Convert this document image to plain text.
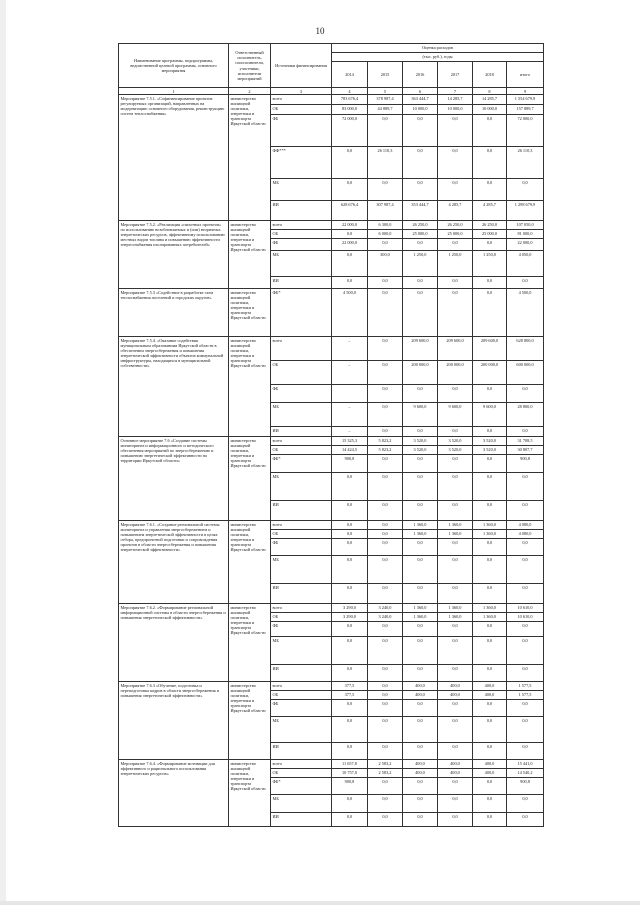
10
Наименование программы, подпрограммы, ведомственной целевой программы, основного мероприятия	Ответственный исполнитель, соисполнители, участники, исполнители мероприятий	Источники финансирования	Оценка расходов					
			(тыс. руб.), годы					
			2014	2015	2016	2017	2018	итого
1	2	3	4	5	6	7	8	9
Мероприятие 7.5.1. «Софинансирование проектов регулируемых организаций, направленных на модернизацию основного оборудования, реконструкцию систем теплоснабжения»	министерство жилищной политики, энергетики и транспорта Иркутской области	всего	783 676,4	378 987,4	363 444,7	14 285,7	14 285,7	1 554 679,9
		ОБ	83 000,0	44 889,7	10 000,0	10 000,0	10 000,0	157 889,7
		ФБ	72 000,0	0,0	0,0	0,0	0,0	72 000,0
		ФФ***	0,0	26 110,3	0,0	0,0	0,0	26 110,3
		МБ	0,0	0,0	0,0	0,0	0,0	0,0
		ИИ	628 676,4	307 987,4	353 444,7	4 285,7	4 285,7	1 298 679,9
Мероприятие 7.5.2. «Реализация «пилотных проектов» по использованию возобновляемых и (или) вторичных энергетических ресурсов, эффективному использованию местных видов топлива и повышению эффективности энергоснабжения изолированных потребителей»	министерство жилищной политики, энергетики и транспорта Иркутской области	всего	22 000,0	6 300,0	26 250,0	26 250,0	26 250,0	107 050,0
		ОБ	0,0	6 000,0	25 000,0	25 000,0	25 000,0	81 000,0
		ФБ	22 000,0	0,0	0,0	0,0	0,0	22 000,0
		МБ	0,0	300,0	1 250,0	1 250,0	1 250,0	4 050,0
		ИИ	0,0	0,0	0,0	0,0	0,0	0,0
Мероприятие 7.5.3 «Содействие в разработке схем теплоснабжения поселений и городских округов»	министерство жилищной политики, энергетики и транспорта Иркутской области	ФБ*	4 500,0	0,0	0,0	0,0	0,0	4 500,0
Мероприятие 7.5.4. «Оказание содействия муниципальным образованиям Иркутской области в обеспечении энергосбережения и повышения энергетической эффективности объектов коммунальной инфраструктуры, находящихся в муниципальной собственности»	министерство жилищной политики, энергетики и транспорта Иркутской области	всего	–	0,0	209 600,0	209 600,0	209 600,0	628 800,0
		ОБ	–	0,0	200 000,0	200 000,0	200 000,0	600 000,0
		ФБ		0,0	0,0	0,0	0,0	0,0
		МБ	–	0,0	9 600,0	9 600,0	9 600,0	28 800,0
		ИИ	–	0,0	0,0	0,0	0,0	0,0
Основное мероприятие 7.6 «Создание системы мониторинга и информационного и методического обеспечения мероприятий по энергосбережению и повышению энергетической эффективности на территории Иркутской области»	министерство жилищной политики, энергетики и транспорта Иркутской области	всего	15 325,3	5 823,2	3 520,0	3 520,0	3 520,0	31 708,5
		ОБ	14 424,5	5 823,2	3 520,0	3 520,0	3 520,0	30 807,7
		ФБ*	900,8	0,0	0,0	0,0	0,0	900,8
		МБ	0,0	0,0	0,0	0,0	0,0	0,0
		ИИ	0,0	0,0	0,0	0,0	0,0	0,0
Мероприятие 7.6.1. «Создание региональной системы мониторинга и управления энергосбережением и повышением энергетической эффективности в целях отбора, предпроектной подготовки и сопровождения проектов в области энергосбережения и повышения энергетической эффективности»	министерство жилищной политики, энергетики и транспорта Иркутской области	всего	0,0	0,0	1 360,0	1 360,0	1 360,0	4 080,0
		ОБ	0,0	0,0	1 360,0	1 360,0	1 360,0	4 080,0
		ФБ	0,0	0,0	0,0	0,0	0,0	0,0
		МБ	0,0	0,0	0,0	0,0	0,0	0,0
		ИИ	0,0	0,0	0,0	0,0	0,0	0,0
Мероприятие 7.6.2. «Формирование региональной информационной системы в области энергосбережения и повышения энергетической эффективности»	министерство жилищной политики, энергетики и транспорта Иркутской области	всего	3 290,0	3 240,0	1 360,0	1 360,0	1 360,0	10 610,0
		ОБ	3 290,0	3 240,0	1 360,0	1 360,0	1 360,0	10 610,0
		ФБ	0,0	0,0	0,0	0,0	0,0	0,0
		МБ	0,0	0,0	0,0	0,0	0,0	0,0
		ИИ	0,0	0,0	0,0	0,0	0,0	0,0
Мероприятие 7.6.3 «Обучение, подготовка и переподготовка кадров в области энергосбережения и повышения энергетической эффективности»	министерство жилищной политики, энергетики и транспорта Иркутской области	всего	377,5	0,0	400,0	400,0	400,0	1 577,5
		ОБ	377,5	0,0	400,0	400,0	400,0	1 577,5
		ФБ	0,0	0,0	0,0	0,0	0,0	0,0
		МБ	0,0	0,0	0,0	0,0	0,0	0,0
		ИИ	0,0	0,0	0,0	0,0	0,0	0,0
Мероприятие 7.6.4. «Формирование мотивации для эффективного и рационального использования энергетических ресурсов»	министерство жилищной политики, энергетики и транспорта Иркутской области	всего	11 657,8	2 583,2	400,0	400,0	400,0	15 441,0
		ОБ	10 757,0	2 583,2	400,0	400,0	400,0	14 540,2
		ФБ*	900,8	0,0	0,0	0,0	0,0	900,8
		МБ	0,0	0,0	0,0	0,0	0,0	0,0
		ИИ	0,0	0,0	0,0	0,0	0,0	0,0
